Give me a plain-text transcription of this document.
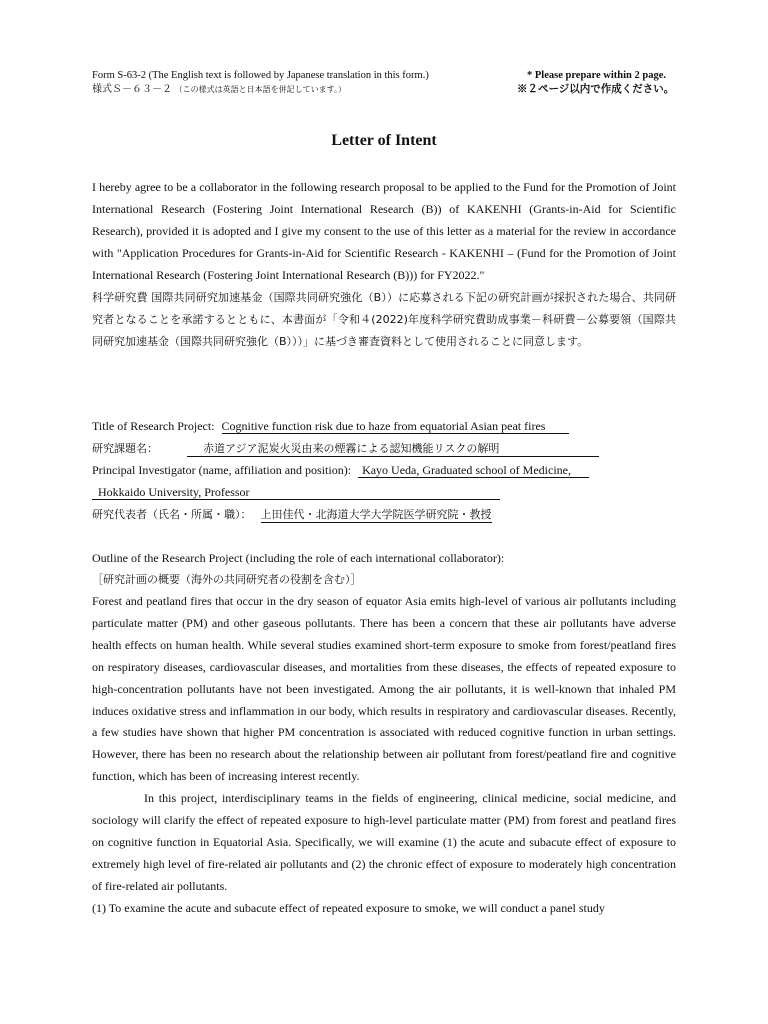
Form S-63-2 (The English text is followed by Japanese translation in this form.)
様式Ｓ－６３－２ （この様式は英語と日本語を併記しています。）
* Please prepare within 2 page.
※２ページ以内で作成ください。
Letter of Intent
I hereby agree to be a collaborator in the following research proposal to be applied to the Fund for the Promotion of Joint International Research (Fostering Joint International Research (B)) of KAKENHI (Grants-in-Aid for Scientific Research), provided it is adopted and I give my consent to the use of this letter as a material for the review in accordance with "Application Procedures for Grants-in-Aid for Scientific Research - KAKENHI – (Fund for the Promotion of Joint International Research (Fostering Joint International Research (B))) for FY2022."
科学研究費 国際共同研究加速基金（国際共同研究強化（B））に応募される下記の研究計画が採択された場合、共同研究者となることを承諾するとともに、本書面が「令和４(2022)年度科学研究費助成事業－科研費－公募要領（国際共同研究加速基金（国際共同研究強化（B）））」に基づき審査資料として使用されることに同意します。
Title of Research Project: Cognitive function risk due to haze from equatorial Asian peat fires
研究課題名：	赤道アジア泥炭火災由来の煙霧による認知機能リスクの解明
Principal Investigator (name, affiliation and position): Kayo Ueda, Graduated school of Medicine,
Hokkaido University, Professor
研究代表者（氏名・所属・職）： 上田佳代・北海道大学大学院医学研究院・教授
Outline of the Research Project (including the role of each international collaborator):
［研究計画の概要（海外の共同研究者の役割を含む）］
Forest and peatland fires that occur in the dry season of equator Asia emits high-level of various air pollutants including particulate matter (PM) and other gaseous pollutants. There has been a concern that these air pollutants have adverse health effects on human health. While several studies examined short-term exposure to smoke from forest/peatland fires on respiratory diseases, cardiovascular diseases, and mortalities from these diseases, the effects of repeated exposure to high-concentration pollutants have not been investigated. Among the air pollutants, it is well-known that inhaled PM induces oxidative stress and inflammation in our body, which results in respiratory and cardiovascular diseases. Recently, a few studies have shown that higher PM concentration is associated with reduced cognitive function in urban settings. However, there has been no research about the relationship between air pollutant from forest/peatland fire and cognitive function, which has been of increasing interest recently.
In this project, interdisciplinary teams in the fields of engineering, clinical medicine, social medicine, and sociology will clarify the effect of repeated exposure to high-level particulate matter (PM) from forest and peatland fires on cognitive function in Equatorial Asia. Specifically, we will examine (1) the acute and subacute effect of exposure to extremely high level of fire-related air pollutants and (2) the chronic effect of exposure to moderately high concentration of fire-related air pollutants.
(1) To examine the acute and subacute effect of repeated exposure to smoke, we will conduct a panel study
